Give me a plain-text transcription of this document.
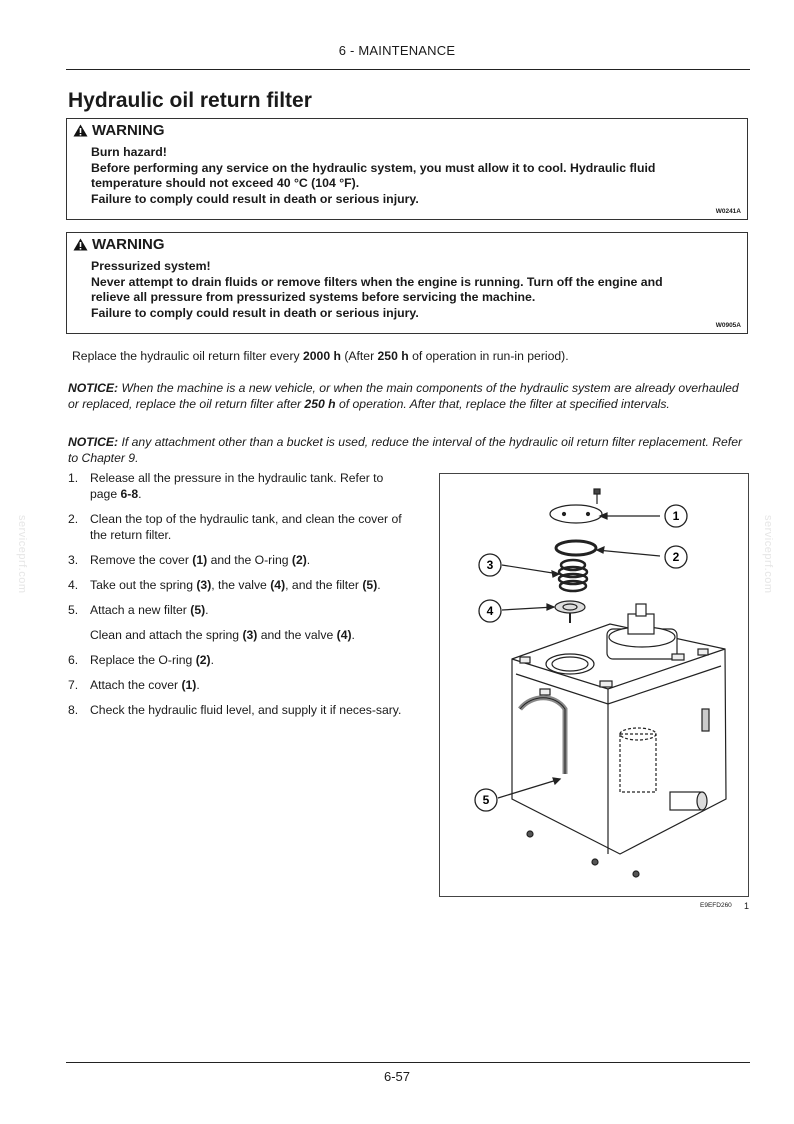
6 - MAINTENANCE
Hydraulic oil return filter
WARNING
Burn hazard!
Before performing any service on the hydraulic system, you must allow it to cool. Hydraulic fluid
temperature should not exceed 40 °C (104 °F).
Failure to comply could result in death or serious injury.
W0241A
WARNING
Pressurized system!
Never attempt to drain fluids or remove filters when the engine is running. Turn off the engine and
relieve all pressure from pressurized systems before servicing the machine.
Failure to comply could result in death or serious injury.
W0905A
Replace the hydraulic oil return filter every 2000 h (After 250 h of operation in run-in period).
NOTICE: When the machine is a new vehicle, or when the main components of the hydraulic system are already overhauled or replaced, replace the oil return filter after 250 h of operation. After that, replace the filter at specified intervals.
NOTICE: If any attachment other than a bucket is used, reduce the interval of the hydraulic oil return filter replacement. Refer to Chapter 9.
1. Release all the pressure in the hydraulic tank. Refer to page 6-8.
2. Clean the top of the hydraulic tank, and clean the cover of the return filter.
3. Remove the cover (1) and the O-ring (2).
4. Take out the spring (3), the valve (4), and the filter (5).
5. Attach a new filter (5).
Clean and attach the spring (3) and the valve (4).
6. Replace the O-ring (2).
7. Attach the cover (1).
8. Check the hydraulic fluid level, and supply it if neces-sary.
1
2
3
4
5
E9EFD260 1
serviceprf.com	serviceprf.com
6-57
